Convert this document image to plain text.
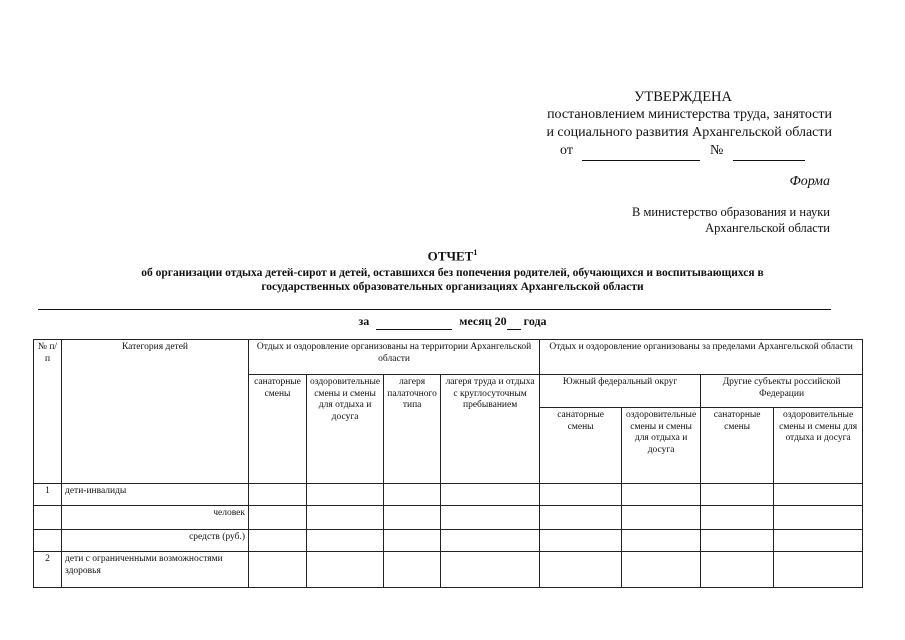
УТВЕРЖДЕНА
постановлением министерства труда, занятости
и социального развития Архангельской области
от	№
Форма
В министерство образования и науки
Архангельской области
ОТЧЕТ$^1$
об организации отдыха детей-сирот и детей, оставшихся без попечения родителей, обучающихся и воспитывающихся в
государственных образовательных организациях Архангельской области
за	месяц 20 года
№ п/п	Категория детей	Отдых и оздоровление организованы на территории Архангельской области				Отдых и оздоровление организованы за пределами Архангельской области			
		санаторные смены	оздоровительные смены и смены для отдыха и досуга	лагеря палаточного типа	лагеря труда и отдыха с круглосуточным пребыванием	Южный федеральный округ		Другие субъекты российской Федерации	
						санаторные смены	оздоровительные смены и смены для отдыха и досуга	санаторные смены	оздоровительные смены и смены для отдыха и досуга
1	дети-инвалиды								
	человек								
	средств (руб.)								
2	дети с ограниченными возможностями здоровья								
